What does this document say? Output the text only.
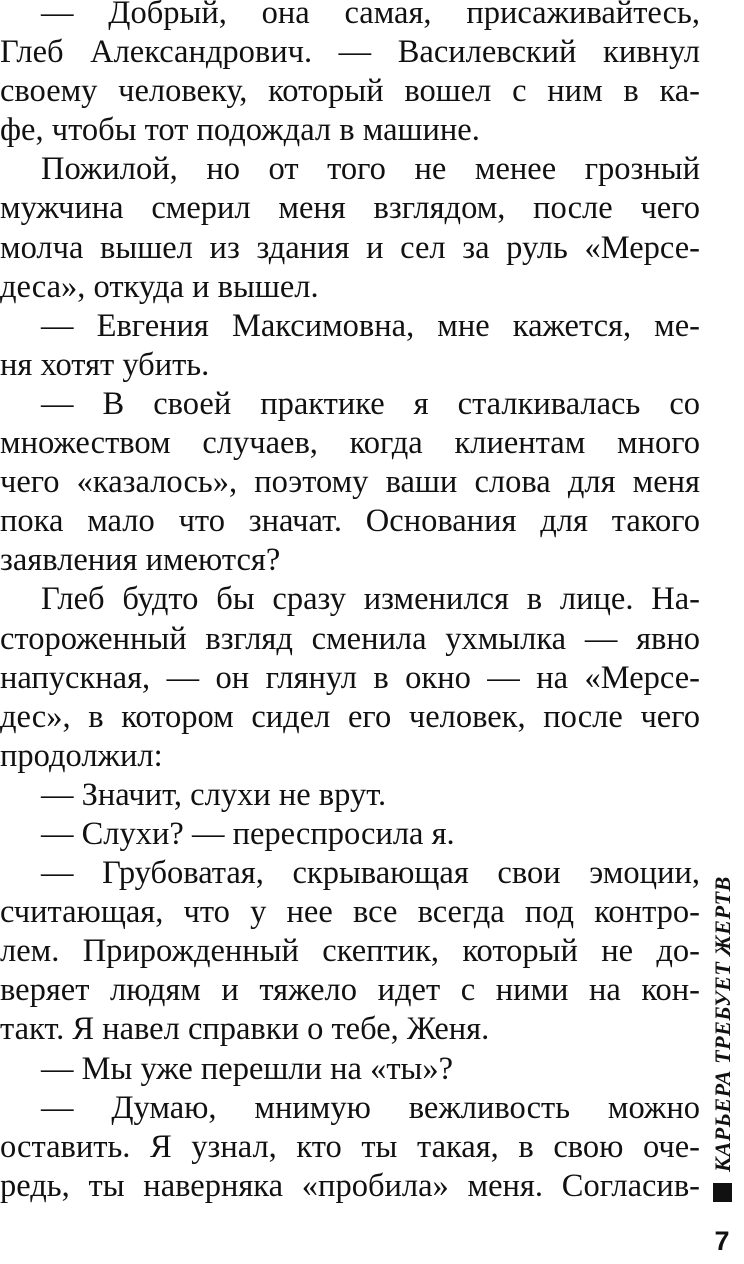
— Добрый, она самая, присаживайтесь,
Глеб Александрович. — Василевский кивнул
своему человеку, который вошел с ним в ка-
фе, чтобы тот подождал в машине.
Пожилой, но от того не менее грозный
мужчина смерил меня взглядом, после чего
молча вышел из здания и сел за руль «Мерсе-
деса», откуда и вышел.
— Евгения Максимовна, мне кажется, ме-
ня хотят убить.
— В своей практике я сталкивалась со
множеством случаев, когда клиентам много
чего «казалось», поэтому ваши слова для меня
пока мало что значат. Основания для такого
заявления имеются?
Глеб будто бы сразу изменился в лице. На-
стороженный взгляд сменила ухмылка — явно
напускная, — он глянул в окно — на «Мерсе-
дес», в котором сидел его человек, после чего
продолжил:
— Значит, слухи не врут.
— Слухи? — переспросила я.
— Грубоватая, скрывающая свои эмоции,
считающая, что у нее все всегда под контро-
лем. Прирожденный скептик, который не до-
веряет людям и тяжело идет с ними на кон-
такт. Я навел справки о тебе, Женя.
— Мы уже перешли на «ты»?
— Думаю, мнимую вежливость можно
оставить. Я узнал, кто ты такая, в свою оче-
редь, ты наверняка «пробила» меня. Согласив-
КАРЬЕРА ТРЕБУЕТ ЖЕРТВ
7
